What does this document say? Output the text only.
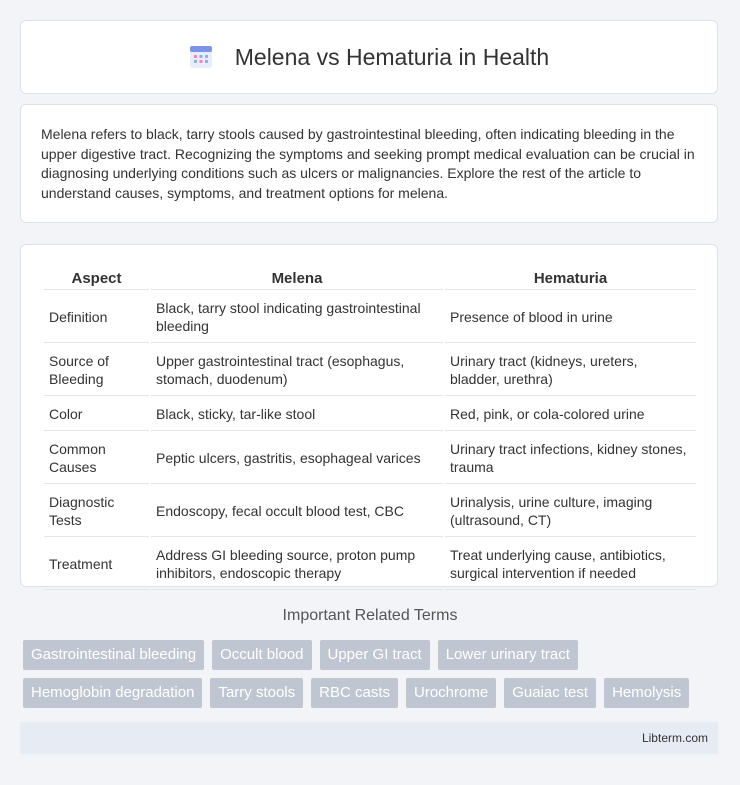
Melena vs Hematuria in Health

Melena refers to black, tarry stools caused by gastrointestinal bleeding, often indicating bleeding in the upper digestive tract. Recognizing the symptoms and seeking prompt medical evaluation can be crucial in diagnosing underlying conditions such as ulcers or malignancies. Explore the rest of the article to understand causes, symptoms, and treatment options for melena.

Aspect	Melena	Hematuria
Definition	Black, tarry stool indicating gastrointestinal bleeding	Presence of blood in urine
Source of Bleeding	Upper gastrointestinal tract (esophagus, stomach, duodenum)	Urinary tract (kidneys, ureters, bladder, urethra)
Color	Black, sticky, tar-like stool	Red, pink, or cola-colored urine
Common Causes	Peptic ulcers, gastritis, esophageal varices	Urinary tract infections, kidney stones, trauma
Diagnostic Tests	Endoscopy, fecal occult blood test, CBC	Urinalysis, urine culture, imaging (ultrasound, CT)
Treatment	Address GI bleeding source, proton pump inhibitors, endoscopic therapy	Treat underlying cause, antibiotics, surgical intervention if needed
Important Related Terms
Gastrointestinal bleeding	Occult blood	Upper GI tract	Lower urinary tract
Hemoglobin degradation	Tarry stools	RBC casts	Urochrome	Guaiac test	Hemolysis
Libterm.com
